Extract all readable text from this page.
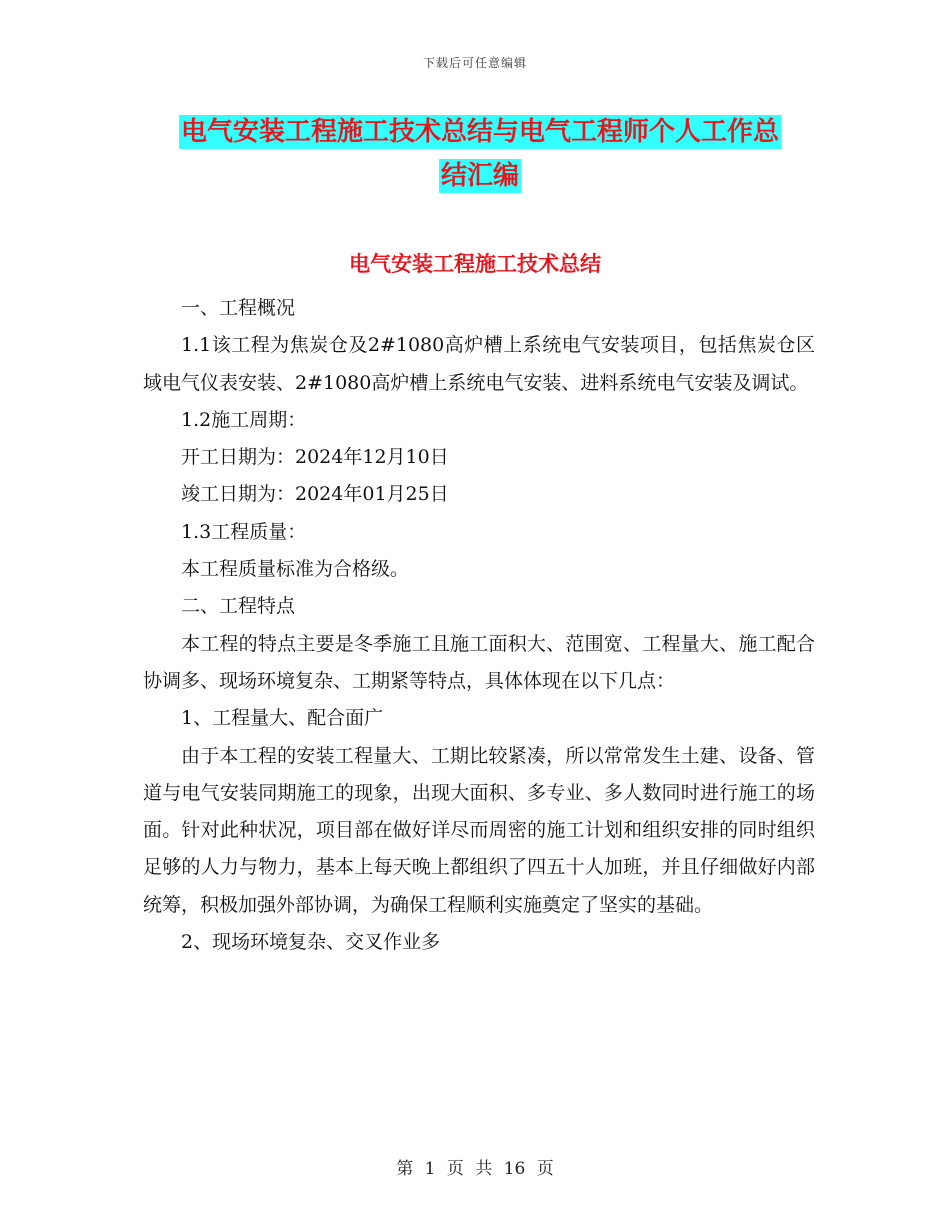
下载后可任意编辑
电气安装工程施工技术总结与电气工程师个人工作总
结汇编
电气安装工程施工技术总结

一、工程概况

1.1该工程为焦炭仓及2#1080高炉槽上系统电气安装项目，包括焦炭仓区域电气仪表安装、2#1080高炉槽上系统电气安装、进料系统电气安装及调试。

1.2施工周期：

开工日期为：2024年12月10日

竣工日期为：2024年01月25日

1.3工程质量：

本工程质量标准为合格级。

二、工程特点

本工程的特点主要是冬季施工且施工面积大、范围宽、工程量大、施工配合协调多、现场环境复杂、工期紧等特点，具体体现在以下几点：

1、工程量大、配合面广

由于本工程的安装工程量大、工期比较紧凑，所以常常发生土建、设备、管道与电气安装同期施工的现象，出现大面积、多专业、多人数同时进行施工的场面。针对此种状况，项目部在做好详尽而周密的施工计划和组织安排的同时组织足够的人力与物力，基本上每天晚上都组织了四五十人加班，并且仔细做好内部统筹，积极加强外部协调，为确保工程顺利实施奠定了坚实的基础。

2、现场环境复杂、交叉作业多

第 1 页 共 16 页
